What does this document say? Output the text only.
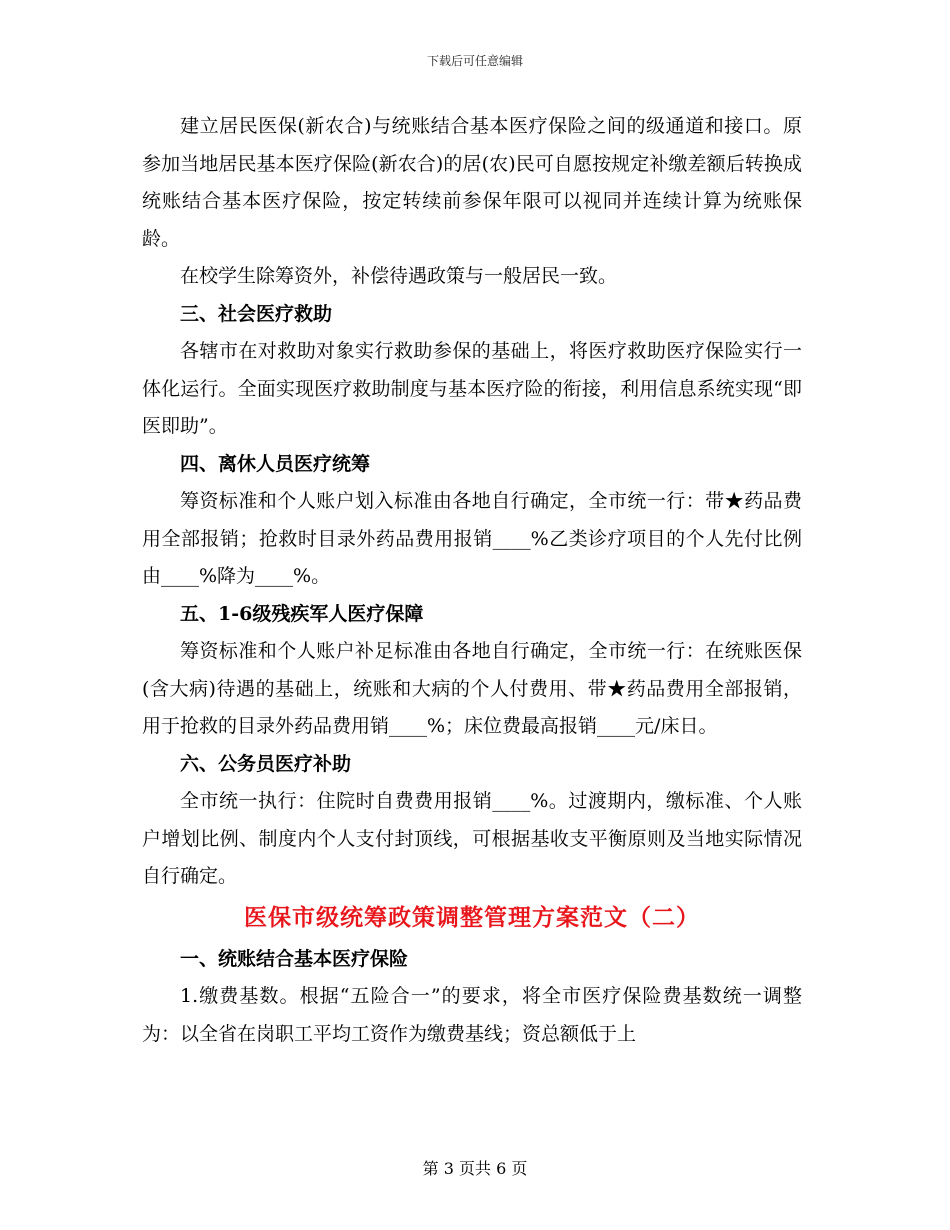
下载后可任意编辑

建立居民医保(新农合)与统账结合基本医疗保险之间的级通道和接口。原参加当地居民基本医疗保险(新农合)的居(农)民可自愿按规定补缴差额后转换成统账结合基本医疗保险，按定转续前参保年限可以视同并连续计算为统账保龄。

在校学生除筹资外，补偿待遇政策与一般居民一致。

三、社会医疗救助

各辖市在对救助对象实行救助参保的基础上，将医疗救助医疗保险实行一体化运行。全面实现医疗救助制度与基本医疗险的衔接，利用信息系统实现“即医即助”。

四、离休人员医疗统筹

筹资标准和个人账户划入标准由各地自行确定，全市统一行：带★药品费用全部报销；抢救时目录外药品费用报销____%乙类诊疗项目的个人先付比例由____%降为____%。

五、1-6级残疾军人医疗保障

筹资标准和个人账户补足标准由各地自行确定，全市统一行：在统账医保(含大病)待遇的基础上，统账和大病的个人付费用、带★药品费用全部报销，用于抢救的目录外药品费用销____%；床位费最高报销____元/床日。

六、公务员医疗补助

全市统一执行：住院时自费费用报销____%。过渡期内，缴标准、个人账户增划比例、制度内个人支付封顶线，可根据基收支平衡原则及当地实际情况自行确定。

医保市级统筹政策调整管理方案范文（二）

一、统账结合基本医疗保险

1.缴费基数。根据“五险合一”的要求，将全市医疗保险费基数统一调整为：以全省在岗职工平均工资作为缴费基线；资总额低于上

第 3 页共 6 页
